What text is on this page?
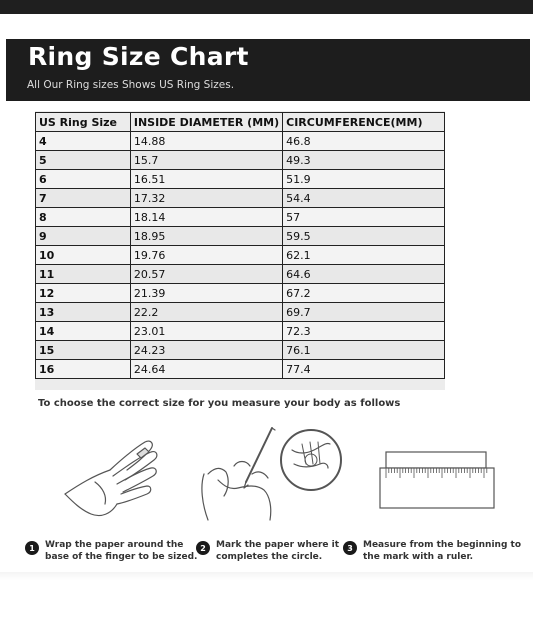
Ring Size Chart
All Our Ring sizes Shows US Ring Sizes.
US Ring Size	INSIDE DIAMETER (MM)	CIRCUMFERENCE(MM)
4	14.88	46.8
5	15.7	49.3
6	16.51	51.9
7	17.32	54.4
8	18.14	57
9	18.95	59.5
10	19.76	62.1
11	20.57	64.6
12	21.39	67.2
13	22.2	69.7
14	23.01	72.3
15	24.23	76.1
16	24.64	77.4
To choose the correct size for you measure your body as follows
1	Wrap the paper around the
base of the finger to be sized.
2	Mark the paper where it
completes the circle.
3	Measure from the beginning to
the mark with a ruler.
